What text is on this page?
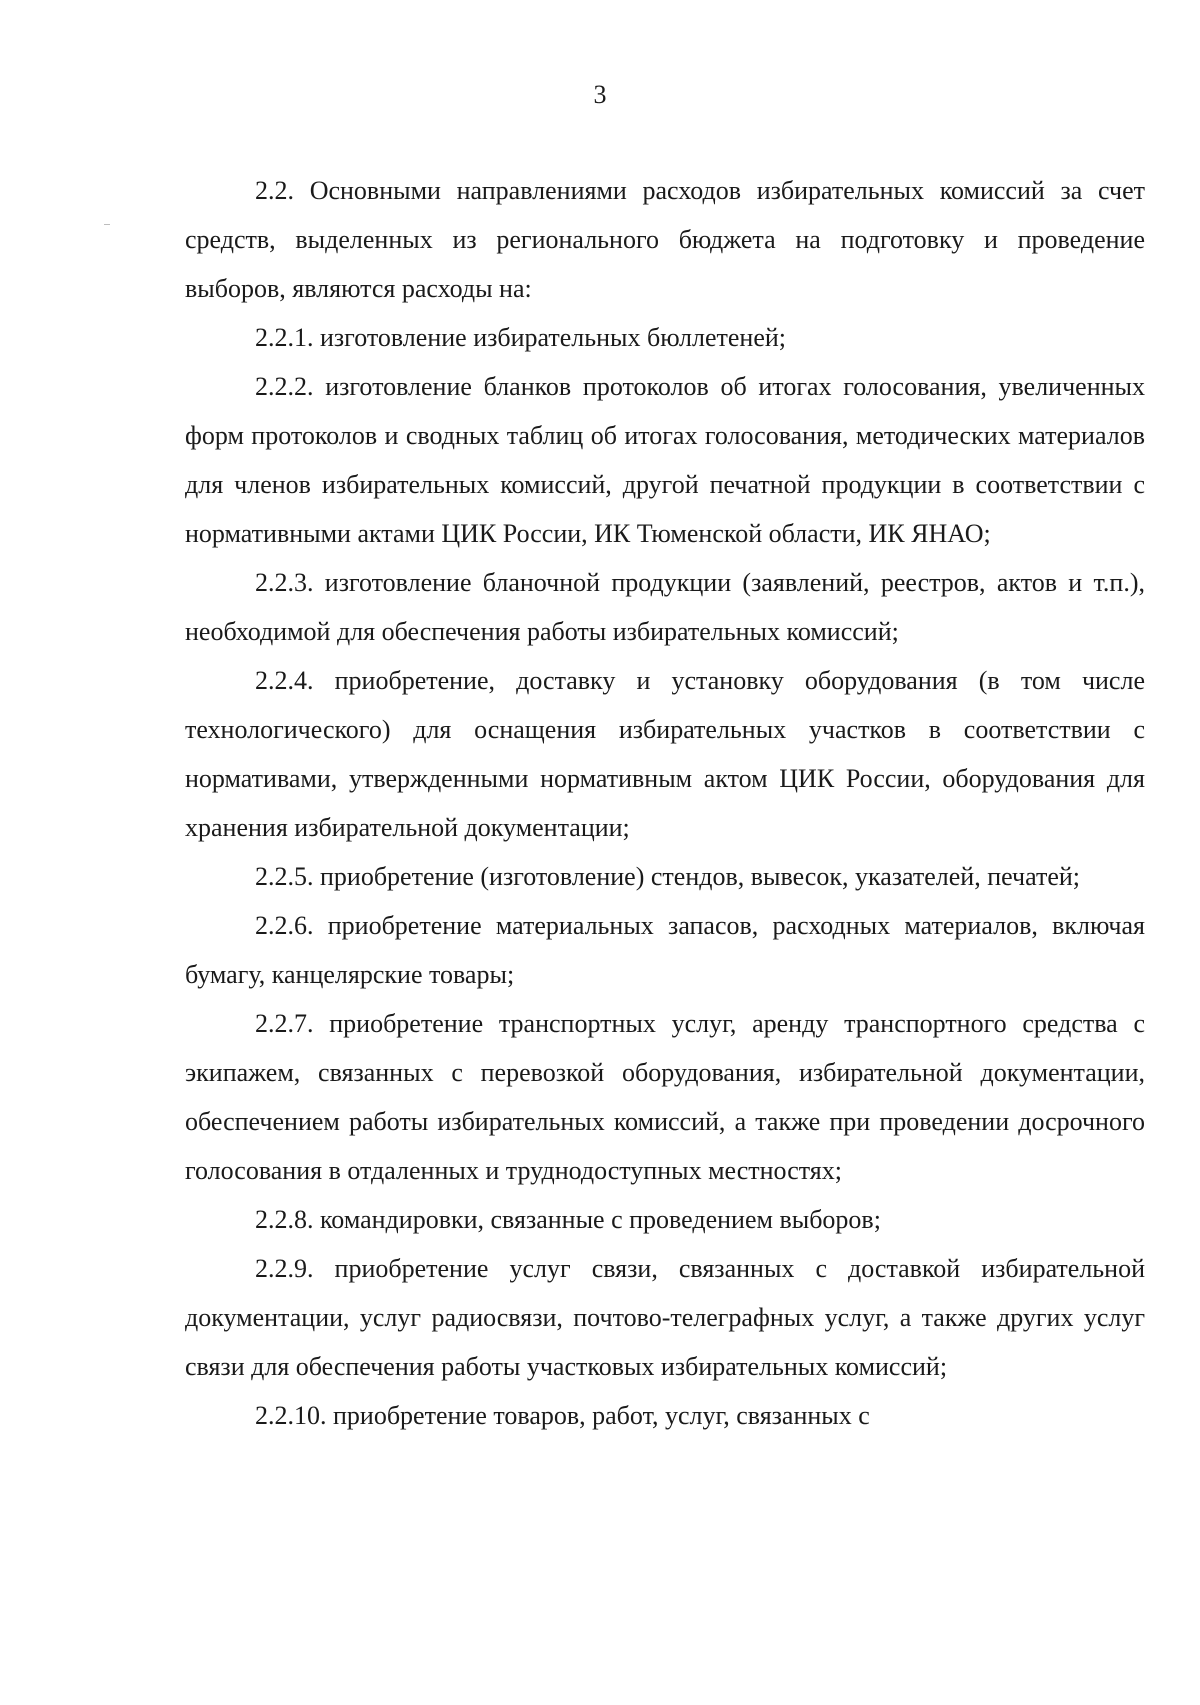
3

2.2. Основными направлениями расходов избирательных комиссий за счет средств, выделенных из регионального бюджета на подготовку и проведение выборов, являются расходы на:

2.2.1. изготовление избирательных бюллетеней;

2.2.2. изготовление бланков протоколов об итогах голосования, увеличенных форм протоколов и сводных таблиц об итогах голосования, методических материалов для членов избирательных комиссий, другой печатной продукции в соответствии с нормативными актами ЦИК России, ИК Тюменской области, ИК ЯНАО;

2.2.3. изготовление бланочной продукции (заявлений, реестров, актов и т.п.), необходимой для обеспечения работы избирательных комиссий;

2.2.4. приобретение, доставку и установку оборудования (в том числе технологического) для оснащения избирательных участков в соответствии с нормативами, утвержденными нормативным актом ЦИК России, оборудования для хранения избирательной документации;

2.2.5. приобретение (изготовление) стендов, вывесок, указателей, печатей;

2.2.6. приобретение материальных запасов, расходных материалов, включая бумагу, канцелярские товары;

2.2.7. приобретение транспортных услуг, аренду транспортного средства с экипажем, связанных с перевозкой оборудования, избирательной документации, обеспечением работы избирательных комиссий, а также при проведении досрочного голосования в отдаленных и труднодоступных местностях;

2.2.8. командировки, связанные с проведением выборов;

2.2.9. приобретение услуг связи, связанных с доставкой избирательной документации, услуг радиосвязи, почтово-телеграфных услуг, а также других услуг связи для обеспечения работы участковых избирательных комиссий;

2.2.10. приобретение товаров, работ, услуг, связанных с
